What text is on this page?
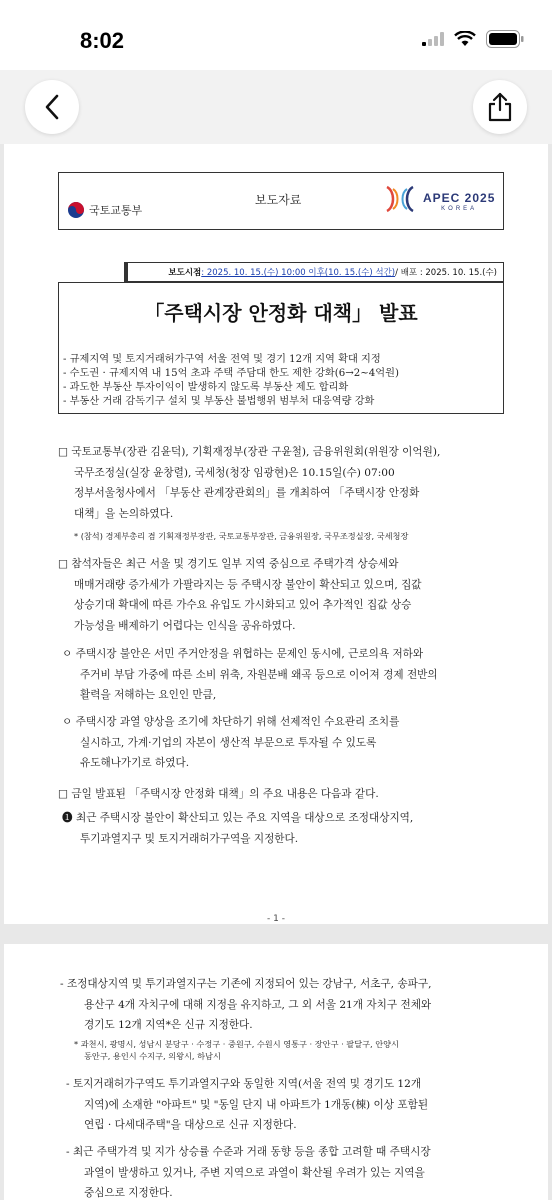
8:02
국토교통부
보도자료	APEC 2025
KOREA
보도시점 : 2025. 10. 15.(수) 10:00 이후(10. 15.(수) 석간) / 배포 : 2025. 10. 15.(수)
「주택시장 안정화 대책」 발표
- 규제지역 및 토지거래허가구역 서울 전역 및 경기 12개 지역 확대 지정
- 수도권 · 규제지역 내 15억 초과 주택 주담대 한도 제한 강화(6→2~4억원)
- 과도한 부동산 투자이익이 발생하지 않도록 부동산 제도 합리화
- 부동산 거래 감독기구 설치 및 부동산 불법행위 범부처 대응역량 강화
□ 국토교통부(장관 김윤덕), 기획재정부(장관 구윤철), 금융위원회(위원장 이억원),
국무조정실(실장 윤창렬), 국세청(청장 임광현)은 10.15일(수) 07:00
정부서울청사에서 「부동산 관계장관회의」를 개최하여 「주택시장 안정화
대책」을 논의하였다.
* (참석) 경제부총리 겸 기획재정부장관, 국토교통부장관, 금융위원장, 국무조정실장, 국세청장
□ 참석자들은 최근 서울 및 경기도 일부 지역 중심으로 주택가격 상승세와
매매거래량 증가세가 가팔라지는 등 주택시장 불안이 확산되고 있으며, 집값
상승기대 확대에 따른 가수요 유입도 가시화되고 있어 추가적인 집값 상승
가능성을 배제하기 어렵다는 인식을 공유하였다.
ㅇ 주택시장 불안은 서민 주거안정을 위협하는 문제인 동시에, 근로의욕 저하와
주거비 부담 가중에 따른 소비 위축, 자원분배 왜곡 등으로 이어져 경제 전반의
활력을 저해하는 요인인 만큼,
ㅇ 주택시장 과열 양상을 조기에 차단하기 위해 선제적인 수요관리 조치를
실시하고, 가계·기업의 자본이 생산적 부문으로 투자될 수 있도록
유도해나가기로 하였다.
□ 금일 발표된 「주택시장 안정화 대책」의 주요 내용은 다음과 같다.
❶ 최근 주택시장 불안이 확산되고 있는 주요 지역을 대상으로 조정대상지역,
투기과열지구 및 토지거래허가구역을 지정한다.
- 1 -
- 조정대상지역 및 투기과열지구는 기존에 지정되어 있는 강남구, 서초구, 송파구,
용산구 4개 자치구에 대해 지정을 유지하고, 그 외 서울 21개 자치구 전체와
경기도 12개 지역*은 신규 지정한다.
* 과천시, 광명시, 성남시 분당구 · 수정구 · 중원구, 수원시 영통구 · 장안구 · 팔달구, 안양시
동안구, 용인시 수지구, 의왕시, 하남시
- 토지거래허가구역도 투기과열지구와 동일한 지역(서울 전역 및 경기도 12개
지역)에 소재한 "아파트" 및 "동일 단지 내 아파트가 1개동(棟) 이상 포함된
연립 · 다세대주택"을 대상으로 신규 지정한다.
- 최근 주택가격 및 지가 상승률 수준과 거래 동향 등을 종합 고려할 때 주택시장
과열이 발생하고 있거나, 주변 지역으로 과열이 확산될 우려가 있는 지역을
중심으로 지정한다.
